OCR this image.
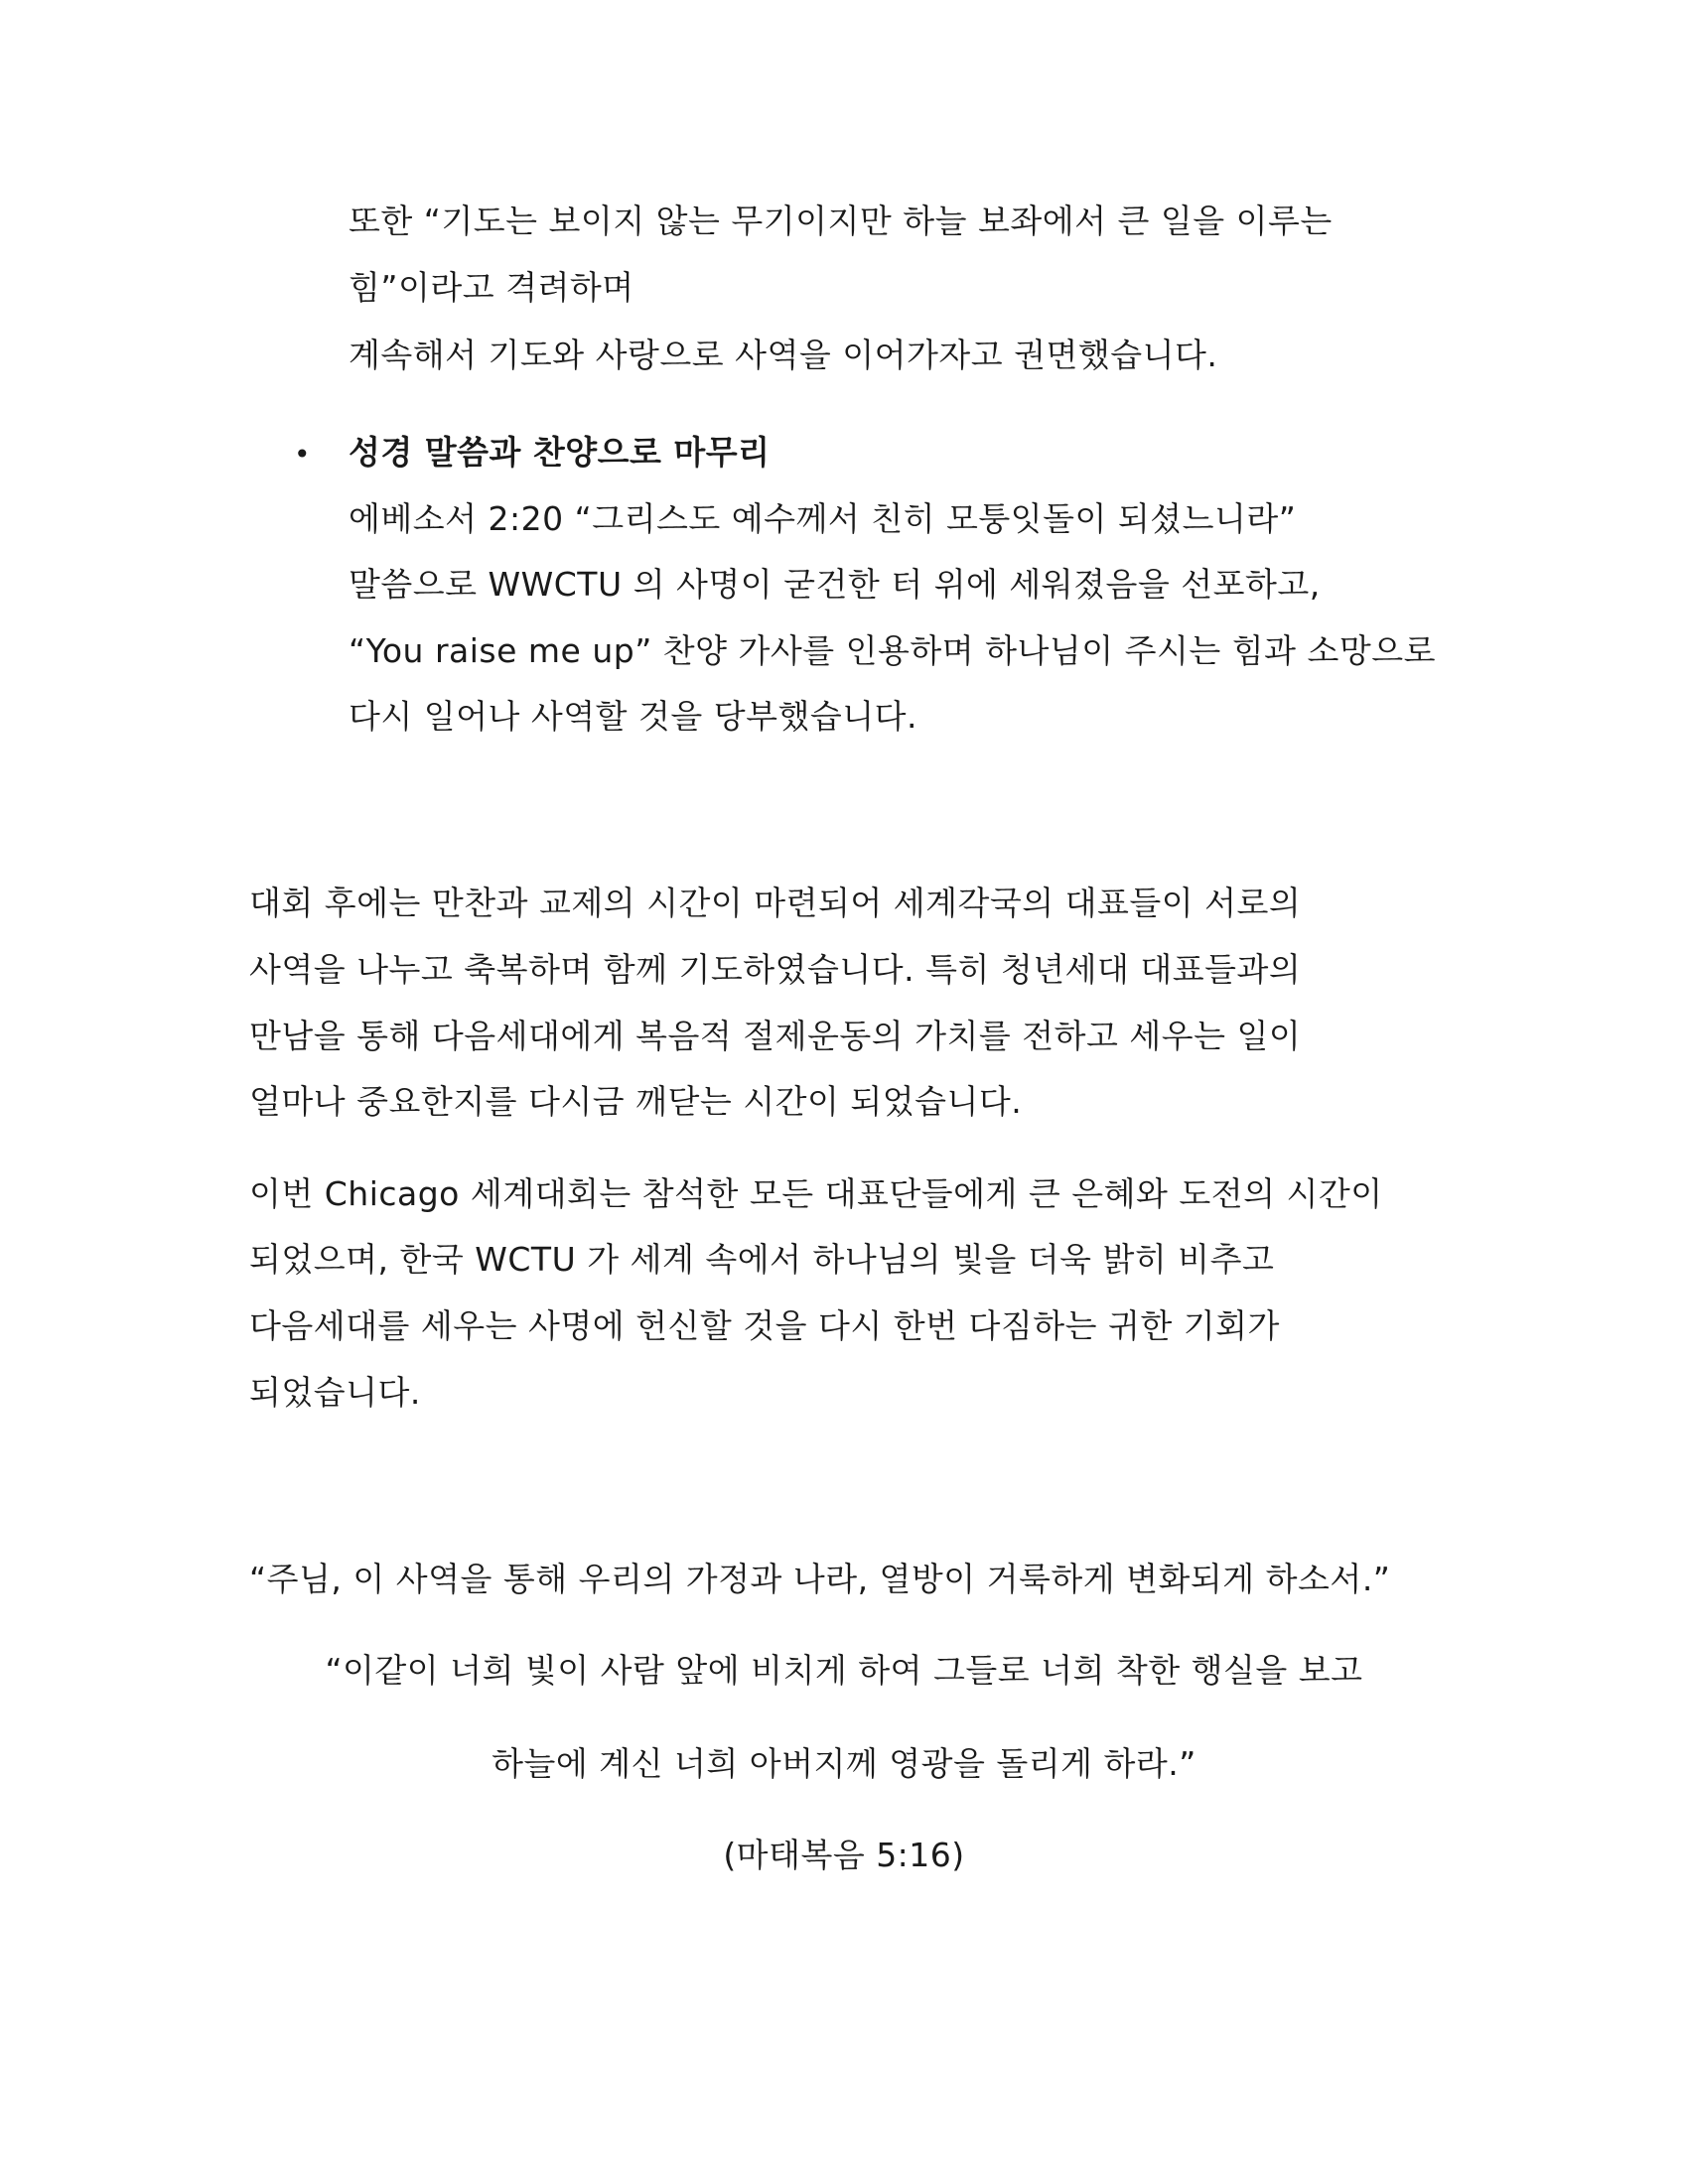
또한 “기도는 보이지 않는 무기이지만 하늘 보좌에서 큰 일을 이루는
힘”이라고 격려하며
계속해서 기도와 사랑으로 사역을 이어가자고 권면했습니다.
• 성경 말씀과 찬양으로 마무리
에베소서 2:20 “그리스도 예수께서 친히 모퉁잇돌이 되셨느니라”
말씀으로 WWCTU 의 사명이 굳건한 터 위에 세워졌음을 선포하고,
“You raise me up” 찬양 가사를 인용하며 하나님이 주시는 힘과 소망으로
다시 일어나 사역할 것을 당부했습니다.
대회 후에는 만찬과 교제의 시간이 마련되어 세계각국의 대표들이 서로의
사역을 나누고 축복하며 함께 기도하였습니다. 특히 청년세대 대표들과의
만남을 통해 다음세대에게 복음적 절제운동의 가치를 전하고 세우는 일이
얼마나 중요한지를 다시금 깨닫는 시간이 되었습니다.
이번 Chicago 세계대회는 참석한 모든 대표단들에게 큰 은혜와 도전의 시간이
되었으며, 한국 WCTU 가 세계 속에서 하나님의 빛을 더욱 밝히 비추고
다음세대를 세우는 사명에 헌신할 것을 다시 한번 다짐하는 귀한 기회가
되었습니다.
“주님, 이 사역을 통해 우리의 가정과 나라, 열방이 거룩하게 변화되게 하소서.”
“이같이 너희 빛이 사람 앞에 비치게 하여 그들로 너희 착한 행실을 보고
하늘에 계신 너희 아버지께 영광을 돌리게 하라.”
(마태복음 5:16)
